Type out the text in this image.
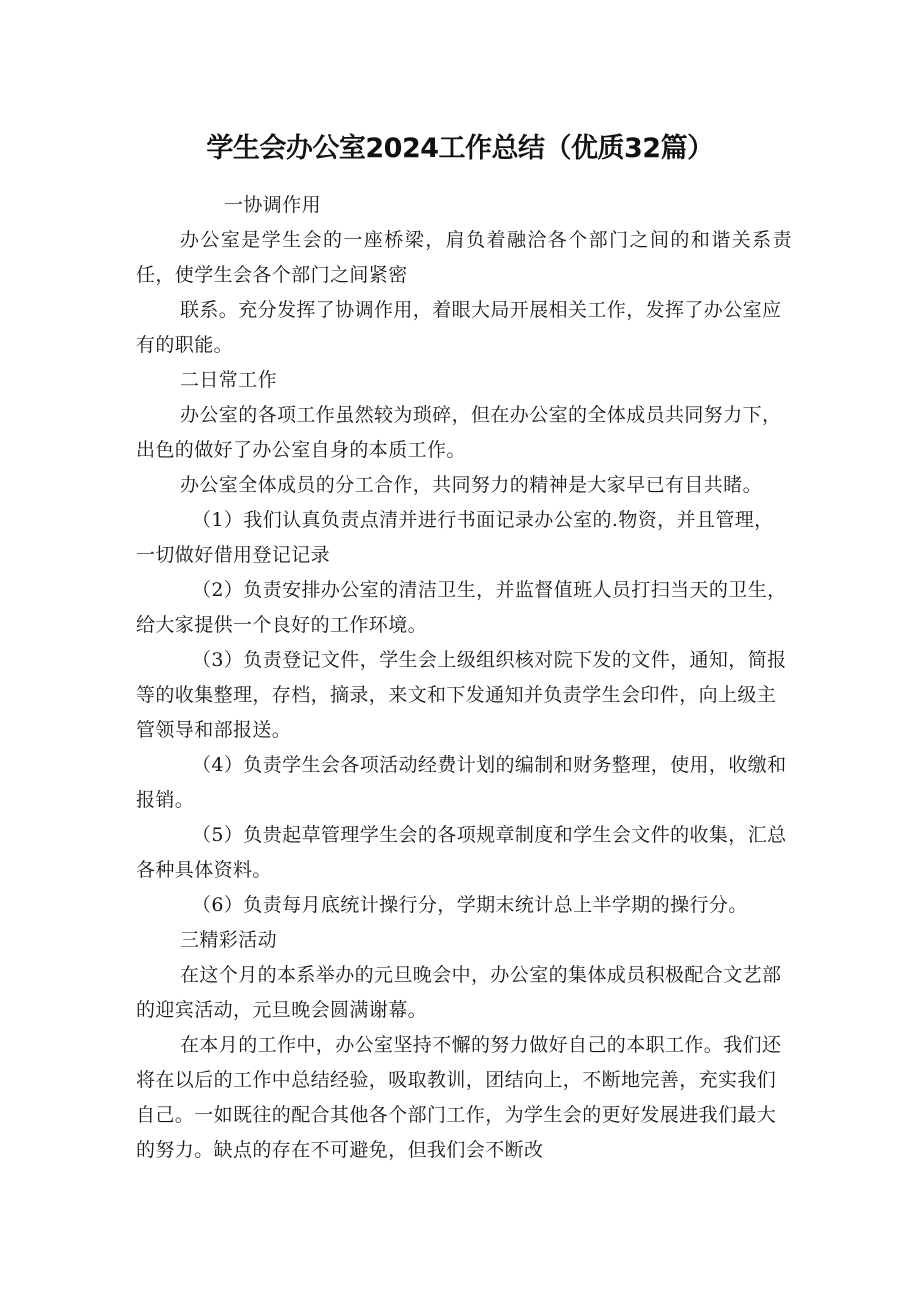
学生会办公室2024工作总结（优质32篇）

一协调作用

办公室是学生会的一座桥梁，肩负着融洽各个部门之间的和谐关系责任，使学生会各个部门之间紧密

联系。充分发挥了协调作用，着眼大局开展相关工作，发挥了办公室应有的职能。

二日常工作

办公室的各项工作虽然较为琐碎，但在办公室的全体成员共同努力下，出色的做好了办公室自身的本质工作。

办公室全体成员的分工合作，共同努力的精神是大家早已有目共睹。

（1）我们认真负责点清并进行书面记录办公室的.物资，并且管理，一切做好借用登记记录

（2）负责安排办公室的清洁卫生，并监督值班人员打扫当天的卫生，给大家提供一个良好的工作环境。

（3）负责登记文件，学生会上级组织核对院下发的文件，通知，简报等的收集整理，存档，摘录，来文和下发通知并负责学生会印件，向上级主管领导和部报送。

（4）负责学生会各项活动经费计划的编制和财务整理，使用，收缴和报销。

（5）负贵起草管理学生会的各项规章制度和学生会文件的收集，汇总各种具体资料。

（6）负责每月底统计操行分，学期末统计总上半学期的操行分。

三精彩活动

在这个月的本系举办的元旦晚会中，办公室的集体成员积极配合文艺部的迎宾活动，元旦晚会圆满谢幕。

在本月的工作中，办公室坚持不懈的努力做好自己的本职工作。我们还将在以后的工作中总结经验，吸取教训，团结向上，不断地完善，充实我们自己。一如既往的配合其他各个部门工作，为学生会的更好发展进我们最大的努力。缺点的存在不可避免，但我们会不断改
